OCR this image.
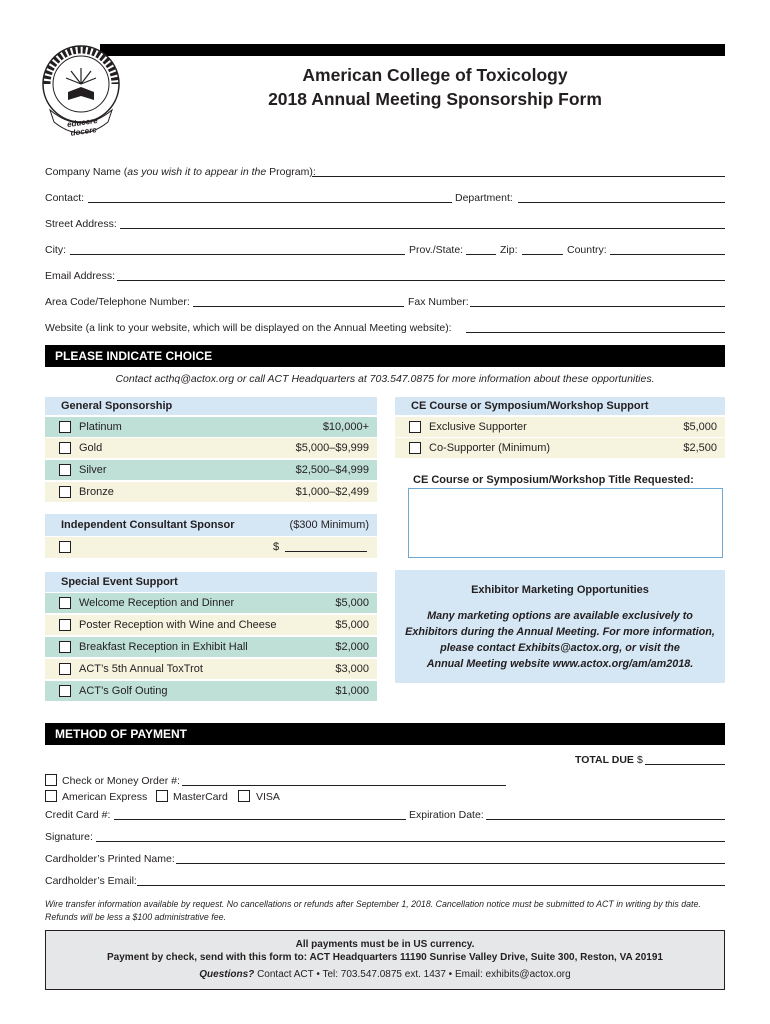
educere docere
American College of Toxicology
2018 Annual Meeting Sponsorship Form
Company Name (as you wish it to appear in the Program):
Contact:	Department:
Street Address:
City:	Prov./State:	Zip:	Country:
Email Address:
Area Code/Telephone Number:	Fax Number:
Website (a link to your website, which will be displayed on the Annual Meeting website):
PLEASE INDICATE CHOICE
Contact acthq@actox.org or call ACT Headquarters at 703.547.0875 for more information about these opportunities.
General Sponsorship
Platinum	$10,000+
Gold	$5,000–$9,999
Silver	$2,500–$4,999
Bronze	$1,000–$2,499
Independent Consultant Sponsor	($300 Minimum)
$
Special Event Support
Welcome Reception and Dinner	$5,000
Poster Reception with Wine and Cheese	$5,000
Breakfast Reception in Exhibit Hall	$2,000
ACT’s 5th Annual ToxTrot	$3,000
ACT’s Golf Outing	$1,000
CE Course or Symposium/Workshop Support
Exclusive Supporter	$5,000
Co-Supporter (Minimum)	$2,500
CE Course or Symposium/Workshop Title Requested:
Exhibitor Marketing Opportunities
Many marketing options are available exclusively to
Exhibitors during the Annual Meeting. For more information,
please contact Exhibits@actox.org, or visit the
Annual Meeting website www.actox.org/am/am2018.
METHOD OF PAYMENT
TOTAL DUE $
Check or Money Order #:
American Express MasterCard	VISA
Credit Card #:	Expiration Date:
Signature:
Cardholder’s Printed Name:
Cardholder’s Email:
Wire transfer information available by request. No cancellations or refunds after September 1, 2018. Cancellation notice must be submitted to ACT in writing by this date.
Refunds will be less a $100 administrative fee.
All payments must be in US currency.
Payment by check, send with this form to: ACT Headquarters 11190 Sunrise Valley Drive, Suite 300, Reston, VA 20191
Questions? Contact ACT • Tel: 703.547.0875 ext. 1437 • Email: exhibits@actox.org
